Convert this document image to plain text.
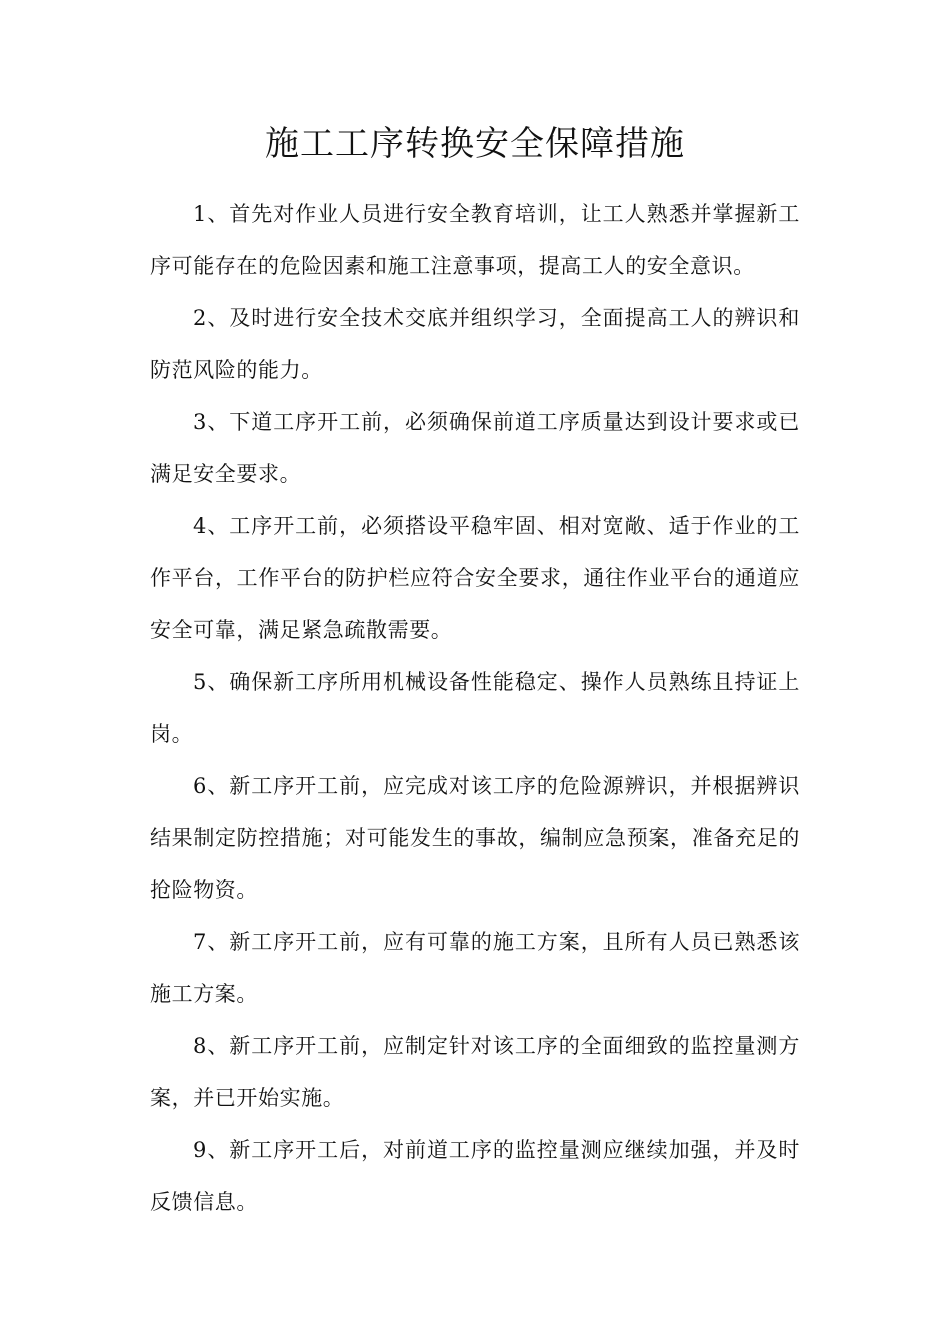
施工工序转换安全保障措施

1、首先对作业人员进行安全教育培训，让工人熟悉并掌握新工序可能存在的危险因素和施工注意事项，提高工人的安全意识。

2、及时进行安全技术交底并组织学习，全面提高工人的辨识和防范风险的能力。

3、下道工序开工前，必须确保前道工序质量达到设计要求或已满足安全要求。

4、工序开工前，必须搭设平稳牢固、相对宽敞、适于作业的工作平台，工作平台的防护栏应符合安全要求，通往作业平台的通道应安全可靠，满足紧急疏散需要。

5、确保新工序所用机械设备性能稳定、操作人员熟练且持证上岗。

6、新工序开工前，应完成对该工序的危险源辨识，并根据辨识结果制定防控措施；对可能发生的事故，编制应急预案，准备充足的抢险物资。

7、新工序开工前，应有可靠的施工方案，且所有人员已熟悉该施工方案。

8、新工序开工前，应制定针对该工序的全面细致的监控量测方案，并已开始实施。

9、新工序开工后，对前道工序的监控量测应继续加强，并及时反馈信息。
